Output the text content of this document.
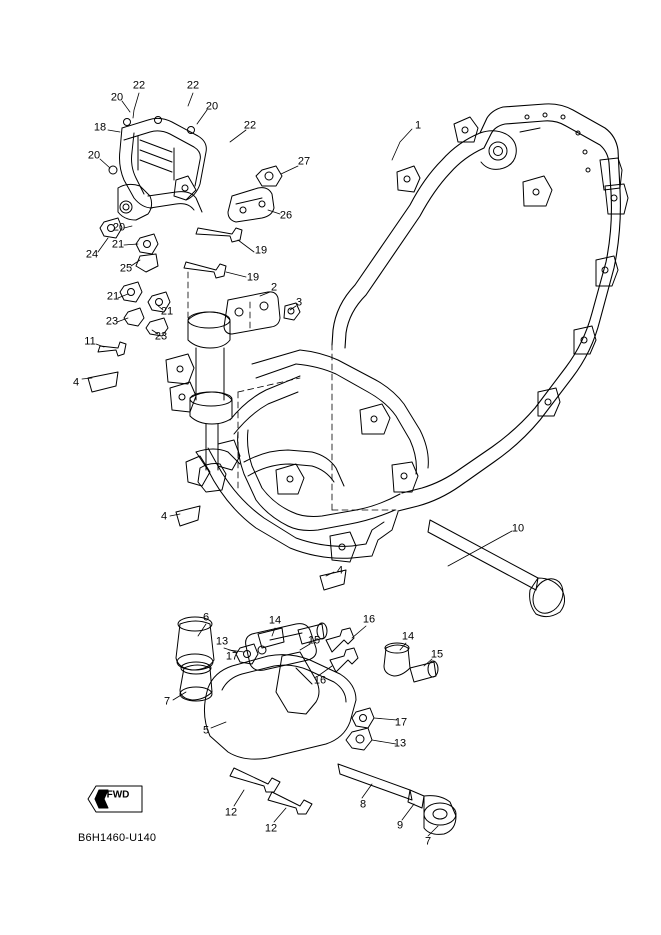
FWD
B6H1460-U140
22	22
20
20
1
18	22
20	27
20
26
21	19
24
25
19
21
21
2
3
23
23
11
4
4
4
10
6	14
15
16
14
17
13
15
16
7
17
5
13
12
12
8
9
7
